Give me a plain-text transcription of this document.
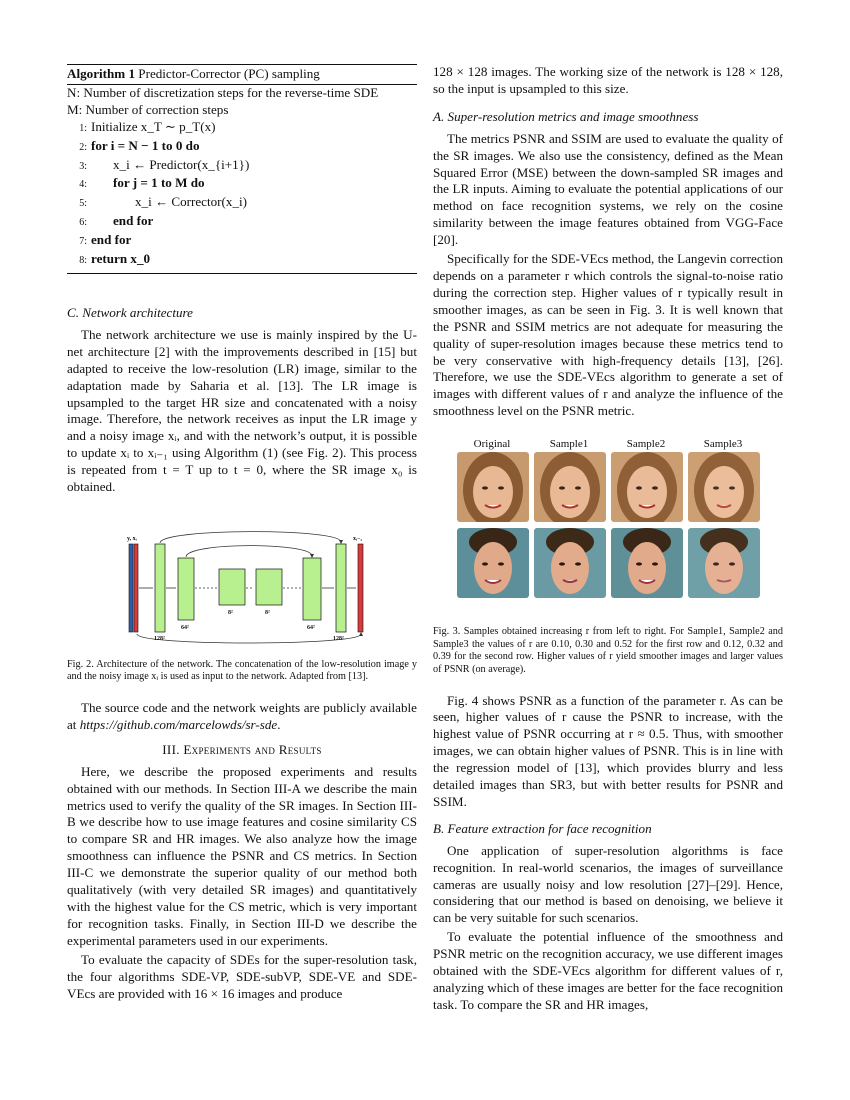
Algorithm 1 Predictor-Corrector (PC) sampling
N: Number of discretization steps for the reverse-time SDE
M: Number of correction steps
1: Initialize x_T ∼ p_T(x)
2: for i = N − 1 to 0 do
3: x_i ← Predictor(x_{i+1})
4: for j = 1 to M do
5:	x_i ← Corrector(x_i)
6: end for
7: end for
8: return x_0

C. Network architecture

The network architecture we use is mainly inspired by the U-net architecture [2] with the improvements described in [15] but adapted to receive the low-resolution (LR) image, similar to the adaptation made by Saharia et al. [13]. The LR image is upsampled to the target HR size and concatenated with a noisy image. Therefore, the network receives as input the LR image y and a noisy image xᵢ, and with the network’s output, it is possible to update xᵢ to xᵢ₋₁ using Algorithm (1) (see Fig. 2). This process is repeated from t = T up to t = 0, where the SR image x₀ is obtained.

y, xᵢ	xᵢ₋₁
128²
64²
8²	8²
64²
128²

Fig. 2. Architecture of the network. The concatenation of the low-resolution image y and the noisy image xᵢ is used as input to the network. Adapted from [13].

The source code and the network weights are publicly available at https://github.com/marcelowds/sr-sde.

III. Experiments and Results

Here, we describe the proposed experiments and results obtained with our methods. In Section III-A we describe the main metrics used to verify the quality of the SR images. In Section III-B we describe how to use image features and cosine similarity CS to compare SR and HR images. We also analyze how the image smoothness can influence the PSNR and CS metrics. In Section III-C we demonstrate the superior quality of our method both qualitatively (with very detailed SR images) and quantitatively with the highest value for the CS metric, which is very important for recognition tasks. Finally, in Section III-D we describe the experimental parameters used in our experiments.

To evaluate the capacity of SDEs for the super-resolution task, the four algorithms SDE-VP, SDE-subVP, SDE-VE and SDE-VEcs are provided with 16 × 16 images and produce

128 × 128 images. The working size of the network is 128 × 128, so the input is upsampled to this size.

A. Super-resolution metrics and image smoothness

The metrics PSNR and SSIM are used to evaluate the quality of the SR images. We also use the consistency, defined as the Mean Squared Error (MSE) between the down-sampled SR images and the LR inputs. Aiming to evaluate the potential applications of our method on face recognition systems, we rely on the cosine similarity between the image features obtained from VGG-Face [20].

Specifically for the SDE-VEcs method, the Langevin correction depends on a parameter r which controls the signal-to-noise ratio during the correction step. Higher values of r typically result in smoother images, as can be seen in Fig. 3. It is well known that the PSNR and SSIM metrics are not adequate for measuring the quality of super-resolution images because these metrics tend to be very conservative with high-frequency details [13], [26]. Therefore, we use the SDE-VEcs algorithm to generate a set of images with different values of r and analyze the influence of the smoothness level on the PSNR metric.

Original	Sample1	Sample2	Sample3

Fig. 3. Samples obtained increasing r from left to right. For Sample1, Sample2 and Sample3 the values of r are 0.10, 0.30 and 0.52 for the first row and 0.12, 0.32 and 0.39 for the second row. Higher values of r yield smoother images and larger values of PSNR (on average).

Fig. 4 shows PSNR as a function of the parameter r. As can be seen, higher values of r cause the PSNR to increase, with the highest value of PSNR occurring at r ≈ 0.5. Thus, with smoother images, we can obtain higher values of PSNR. This is in line with the regression model of [13], which provides blurry and less detailed images than SR3, but with better results for PSNR and SSIM.

B. Feature extraction for face recognition

One application of super-resolution algorithms is face recognition. In real-world scenarios, the images of surveillance cameras are usually noisy and low resolution [27]–[29]. Hence, considering that our method is based on denoising, we believe it can be very suitable for such scenarios.

To evaluate the potential influence of the smoothness and PSNR metric on the recognition accuracy, we use different images obtained with the SDE-VEcs algorithm for different values of r, analyzing which of these images are better for the face recognition task. To compare the SR and HR images,
